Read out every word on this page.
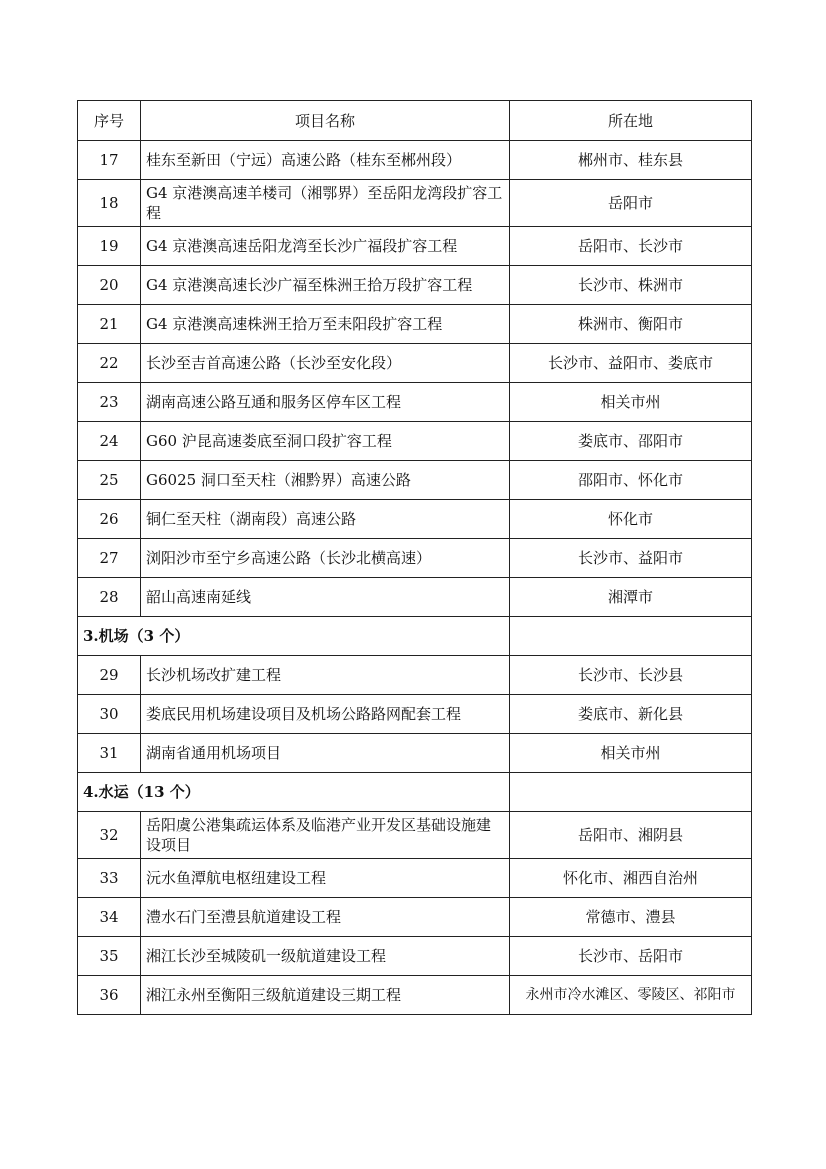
序号	项目名称	所在地
17	桂东至新田（宁远）高速公路（桂东至郴州段）	郴州市、桂东县
18	G4 京港澳高速羊楼司（湘鄂界）至岳阳龙湾段扩容工程	岳阳市
19	G4 京港澳高速岳阳龙湾至长沙广福段扩容工程	岳阳市、长沙市
20	G4 京港澳高速长沙广福至株洲王拾万段扩容工程	长沙市、株洲市
21	G4 京港澳高速株洲王拾万至耒阳段扩容工程	株洲市、衡阳市
22	长沙至吉首高速公路（长沙至安化段）	长沙市、益阳市、娄底市
23	湖南高速公路互通和服务区停车区工程	相关市州
24	G60 沪昆高速娄底至洞口段扩容工程	娄底市、邵阳市
25	G6025 洞口至天柱（湘黔界）高速公路	邵阳市、怀化市
26	铜仁至天柱（湖南段）高速公路	怀化市
27	浏阳沙市至宁乡高速公路（长沙北横高速）	长沙市、益阳市
28	韶山高速南延线	湘潭市
3.机场（3 个）		
29	长沙机场改扩建工程	长沙市、长沙县
30	娄底民用机场建设项目及机场公路路网配套工程	娄底市、新化县
31	湖南省通用机场项目	相关市州
4.水运（13 个）		
32	岳阳虞公港集疏运体系及临港产业开发区基础设施建设项目	岳阳市、湘阴县
33	沅水鱼潭航电枢纽建设工程	怀化市、湘西自治州
34	澧水石门至澧县航道建设工程	常德市、澧县
35	湘江长沙至城陵矶一级航道建设工程	长沙市、岳阳市
36	湘江永州至衡阳三级航道建设三期工程	永州市冷水滩区、零陵区、祁阳市
